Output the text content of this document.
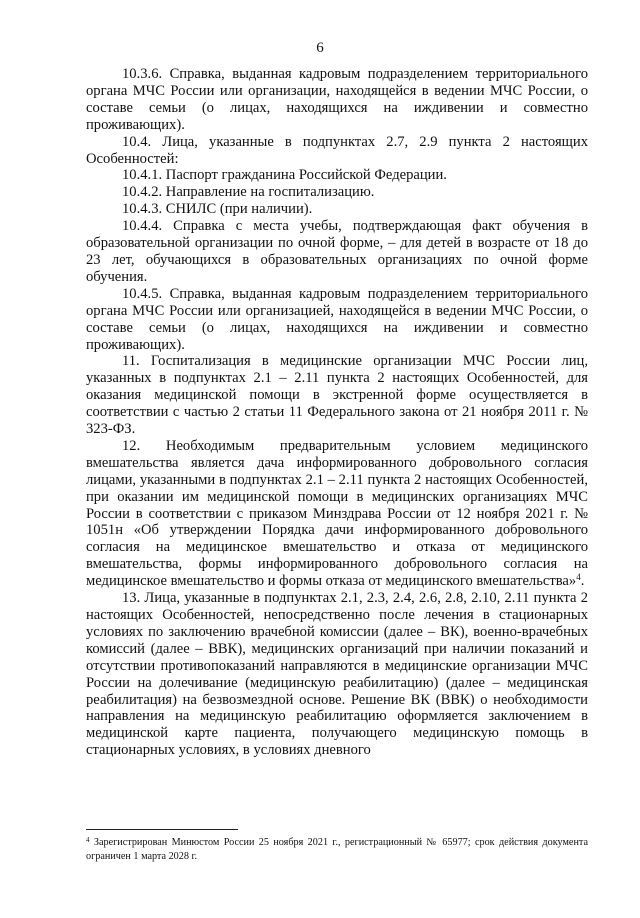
6

10.3.6. Справка, выданная кадровым подразделением территориального органа МЧС России или организации, находящейся в ведении МЧС России, о составе семьи (о лицах, находящихся на иждивении и совместно проживающих).

10.4. Лица, указанные в подпунктах 2.7, 2.9 пункта 2 настоящих Особенностей:

10.4.1. Паспорт гражданина Российской Федерации.

10.4.2. Направление на госпитализацию.

10.4.3. СНИЛС (при наличии).

10.4.4. Справка с места учебы, подтверждающая факт обучения в образовательной организации по очной форме, – для детей в возрасте от 18 до 23 лет, обучающихся в образовательных организациях по очной форме обучения.

10.4.5. Справка, выданная кадровым подразделением территориального органа МЧС России или организацией, находящейся в ведении МЧС России, о составе семьи (о лицах, находящихся на иждивении и совместно проживающих).

11. Госпитализация в медицинские организации МЧС России лиц, указанных в подпунктах 2.1 – 2.11 пункта 2 настоящих Особенностей, для оказания медицинской помощи в экстренной форме осуществляется в соответствии с частью 2 статьи 11 Федерального закона от 21 ноября 2011 г. № 323-ФЗ.

12. Необходимым предварительным условием медицинского вмешательства является дача информированного добровольного согласия лицами, указанными в подпунктах 2.1 – 2.11 пункта 2 настоящих Особенностей, при оказании им медицинской помощи в медицинских организациях МЧС России в соответствии с приказом Минздрава России от 12 ноября 2021 г. № 1051н «Об утверждении Порядка дачи информированного добровольного согласия на медицинское вмешательство и отказа от медицинского вмешательства, формы информированного добровольного согласия на медицинское вмешательство и формы отказа от медицинского вмешательства»$^4$.

13. Лица, указанные в подпунктах 2.1, 2.3, 2.4, 2.6, 2.8, 2.10, 2.11 пункта 2 настоящих Особенностей, непосредственно после лечения в стационарных условиях по заключению врачебной комиссии (далее – ВК), военно-врачебных комиссий (далее – ВВК), медицинских организаций при наличии показаний и отсутствии противопоказаний направляются в медицинские организации МЧС России на долечивание (медицинскую реабилитацию) (далее – медицинская реабилитация) на безвозмездной основе. Решение ВК (ВВК) о необходимости направления на медицинскую реабилитацию оформляется заключением в медицинской карте пациента, получающего медицинскую помощь в стационарных условиях, в условиях дневного

$^4$ Зарегистрирован Минюстом России 25 ноября 2021 г., регистрационный № 65977; срок действия документа ограничен 1 марта 2028 г.
